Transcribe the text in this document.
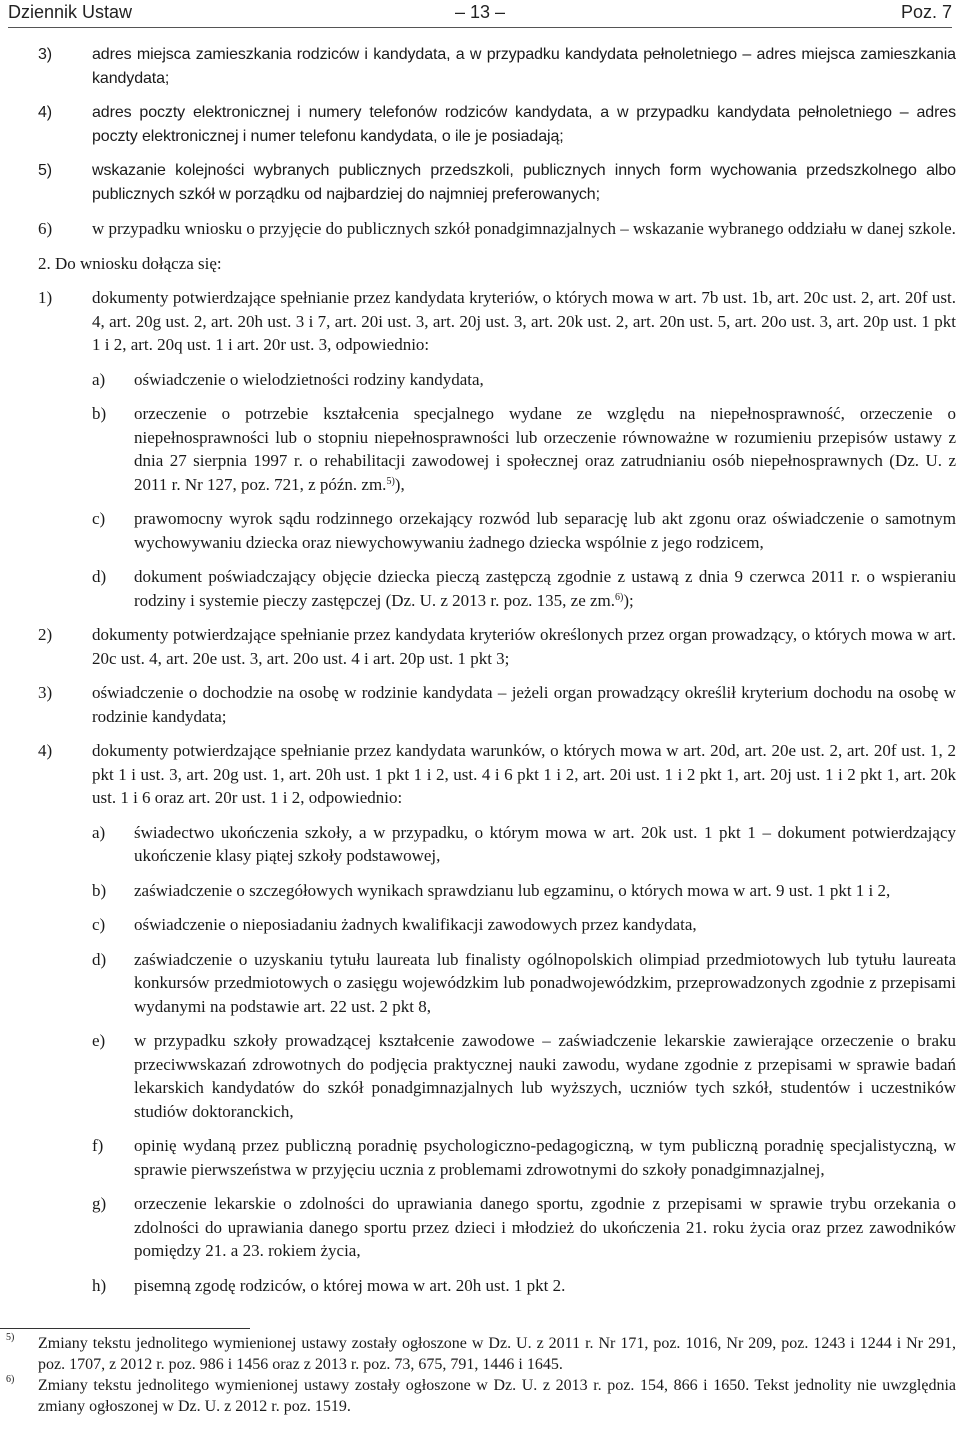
Dziennik Ustaw	– 13 –	Poz. 7
3) adres miejsca zamieszkania rodziców i kandydata, a w przypadku kandydata pełnoletniego – adres miejsca zamieszkania kandydata;
4) adres poczty elektronicznej i numery telefonów rodziców kandydata, a w przypadku kandydata pełnoletniego – adres poczty elektronicznej i numer telefonu kandydata, o ile je posiadają;
5) wskazanie kolejności wybranych publicznych przedszkoli, publicznych innych form wychowania przedszkolnego albo publicznych szkół w porządku od najbardziej do najmniej preferowanych;
6) w przypadku wniosku o przyjęcie do publicznych szkół ponadgimnazjalnych – wskazanie wybranego oddziału w danej szkole.
2. Do wniosku dołącza się:
1) dokumenty potwierdzające spełnianie przez kandydata kryteriów, o których mowa w art. 7b ust. 1b, art. 20c ust. 2, art. 20f ust. 4, art. 20g ust. 2, art. 20h ust. 3 i 7, art. 20i ust. 3, art. 20j ust. 3, art. 20k ust. 2, art. 20n ust. 5, art. 20o ust. 3, art. 20p ust. 1 pkt 1 i 2, art. 20q ust. 1 i art. 20r ust. 3, odpowiednio:
a) oświadczenie o wielodzietności rodziny kandydata,
b) orzeczenie o potrzebie kształcenia specjalnego wydane ze względu na niepełnosprawność, orzeczenie o niepełnosprawności lub o stopniu niepełnosprawności lub orzeczenie równoważne w rozumieniu przepisów ustawy z dnia 27 sierpnia 1997 r. o rehabilitacji zawodowej i społecznej oraz zatrudnianiu osób niepełnosprawnych (Dz. U. z 2011 r. Nr 127, poz. 721, z późn. zm.$^{5)}$),
c) prawomocny wyrok sądu rodzinnego orzekający rozwód lub separację lub akt zgonu oraz oświadczenie o samotnym wychowywaniu dziecka oraz niewychowywaniu żadnego dziecka wspólnie z jego rodzicem,
d) dokument poświadczający objęcie dziecka pieczą zastępczą zgodnie z ustawą z dnia 9 czerwca 2011 r. o wspieraniu rodziny i systemie pieczy zastępczej (Dz. U. z 2013 r. poz. 135, ze zm.$^{6)}$);
2) dokumenty potwierdzające spełnianie przez kandydata kryteriów określonych przez organ prowadzący, o których mowa w art. 20c ust. 4, art. 20e ust. 3, art. 20o ust. 4 i art. 20p ust. 1 pkt 3;
3) oświadczenie o dochodzie na osobę w rodzinie kandydata – jeżeli organ prowadzący określił kryterium dochodu na osobę w rodzinie kandydata;
4) dokumenty potwierdzające spełnianie przez kandydata warunków, o których mowa w art. 20d, art. 20e ust. 2, art. 20f ust. 1, 2 pkt 1 i ust. 3, art. 20g ust. 1, art. 20h ust. 1 pkt 1 i 2, ust. 4 i 6 pkt 1 i 2, art. 20i ust. 1 i 2 pkt 1, art. 20j ust. 1 i 2 pkt 1, art. 20k ust. 1 i 6 oraz art. 20r ust. 1 i 2, odpowiednio:
a) świadectwo ukończenia szkoły, a w przypadku, o którym mowa w art. 20k ust. 1 pkt 1 – dokument potwierdzający ukończenie klasy piątej szkoły podstawowej,
b) zaświadczenie o szczegółowych wynikach sprawdzianu lub egzaminu, o których mowa w art. 9 ust. 1 pkt 1 i 2,
c) oświadczenie o nieposiadaniu żadnych kwalifikacji zawodowych przez kandydata,
d) zaświadczenie o uzyskaniu tytułu laureata lub finalisty ogólnopolskich olimpiad przedmiotowych lub tytułu laureata konkursów przedmiotowych o zasięgu wojewódzkim lub ponadwojewódzkim, przeprowadzonych zgodnie z przepisami wydanymi na podstawie art. 22 ust. 2 pkt 8,
e) w przypadku szkoły prowadzącej kształcenie zawodowe – zaświadczenie lekarskie zawierające orzeczenie o braku przeciwwskazań zdrowotnych do podjęcia praktycznej nauki zawodu, wydane zgodnie z przepisami w sprawie badań lekarskich kandydatów do szkół ponadgimnazjalnych lub wyższych, uczniów tych szkół, studentów i uczestników studiów doktoranckich,
f) opinię wydaną przez publiczną poradnię psychologiczno-pedagogiczną, w tym publiczną poradnię specjalistyczną, w sprawie pierwszeństwa w przyjęciu ucznia z problemami zdrowotnymi do szkoły ponadgimnazjalnej,
g) orzeczenie lekarskie o zdolności do uprawiania danego sportu, zgodnie z przepisami w sprawie trybu orzekania o zdolności do uprawiania danego sportu przez dzieci i młodzież do ukończenia 21. roku życia oraz przez zawodników pomiędzy 21. a 23. rokiem życia,
h) pisemną zgodę rodziców, o której mowa w art. 20h ust. 1 pkt 2.
5) Zmiany tekstu jednolitego wymienionej ustawy zostały ogłoszone w Dz. U. z 2011 r. Nr 171, poz. 1016, Nr 209, poz. 1243 i 1244 i Nr 291, poz. 1707, z 2012 r. poz. 986 i 1456 oraz z 2013 r. poz. 73, 675, 791, 1446 i 1645.
6) Zmiany tekstu jednolitego wymienionej ustawy zostały ogłoszone w Dz. U. z 2013 r. poz. 154, 866 i 1650. Tekst jednolity nie uwzględnia zmiany ogłoszonej w Dz. U. z 2012 r. poz. 1519.
